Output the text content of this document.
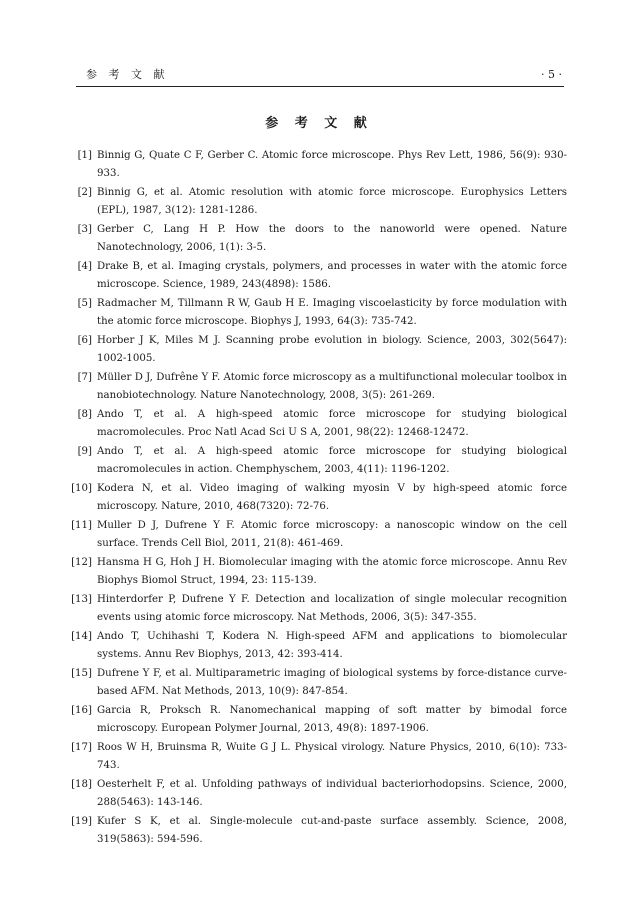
参 考 文 献	· 5 ·
参 考 文 献
[1] Binnig G, Quate C F, Gerber C. Atomic force microscope. Phys Rev Lett, 1986, 56(9): 930-933.
[2] Binnig G, et al. Atomic resolution with atomic force microscope. Europhysics Letters (EPL), 1987, 3(12): 1281-1286.
[3] Gerber C, Lang H P. How the doors to the nanoworld were opened. Nature Nanotechnology, 2006, 1(1): 3-5.
[4] Drake B, et al. Imaging crystals, polymers, and processes in water with the atomic force microscope. Science, 1989, 243(4898): 1586.
[5] Radmacher M, Tillmann R W, Gaub H E. Imaging viscoelasticity by force modulation with the atomic force microscope. Biophys J, 1993, 64(3): 735-742.
[6] Horber J K, Miles M J. Scanning probe evolution in biology. Science, 2003, 302(5647): 1002-1005.
[7] Müller D J, Dufrêne Y F. Atomic force microscopy as a multifunctional molecular toolbox in nanobiotechnology. Nature Nanotechnology, 2008, 3(5): 261-269.
[8] Ando T, et al. A high-speed atomic force microscope for studying biological macromolecules. Proc Natl Acad Sci U S A, 2001, 98(22): 12468-12472.
[9] Ando T, et al. A high-speed atomic force microscope for studying biological macromolecules in action. Chemphyschem, 2003, 4(11): 1196-1202.
[10] Kodera N, et al. Video imaging of walking myosin V by high-speed atomic force microscopy. Nature, 2010, 468(7320): 72-76.
[11] Muller D J, Dufrene Y F. Atomic force microscopy: a nanoscopic window on the cell surface. Trends Cell Biol, 2011, 21(8): 461-469.
[12] Hansma H G, Hoh J H. Biomolecular imaging with the atomic force microscope. Annu Rev Biophys Biomol Struct, 1994, 23: 115-139.
[13] Hinterdorfer P, Dufrene Y F. Detection and localization of single molecular recognition events using atomic force microscopy. Nat Methods, 2006, 3(5): 347-355.
[14] Ando T, Uchihashi T, Kodera N. High-speed AFM and applications to biomolecular systems. Annu Rev Biophys, 2013, 42: 393-414.
[15] Dufrene Y F, et al. Multiparametric imaging of biological systems by force-distance curve-based AFM. Nat Methods, 2013, 10(9): 847-854.
[16] Garcia R, Proksch R. Nanomechanical mapping of soft matter by bimodal force microscopy. European Polymer Journal, 2013, 49(8): 1897-1906.
[17] Roos W H, Bruinsma R, Wuite G J L. Physical virology. Nature Physics, 2010, 6(10): 733-743.
[18] Oesterhelt F, et al. Unfolding pathways of individual bacteriorhodopsins. Science, 2000, 288(5463): 143-146.
[19] Kufer S K, et al. Single-molecule cut-and-paste surface assembly. Science, 2008, 319(5863): 594-596.
